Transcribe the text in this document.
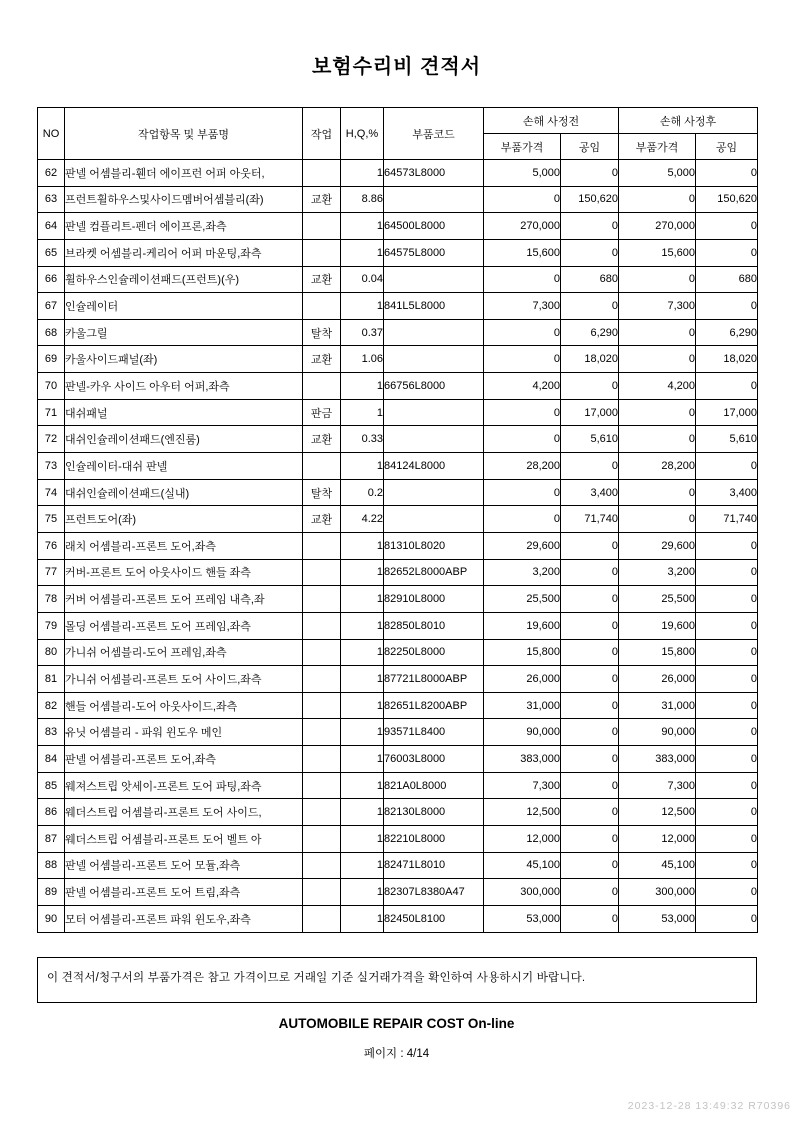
보험수리비 견적서
NO	작업항목 및 부품명	작업	H,Q,%	부품코드	손해 사정전		손해 사정후	
					부품가격	공임	부품가격	공임
62	판넬 어셈블리-휀더 에이프런 어퍼 아웃터,		1	64573L8000	5,000	0	5,000	0
63	프런트휠하우스및사이드멤버어셈블리(좌)	교환	8.86		0	150,620	0	150,620
64	판넬 컴플리트-펜더 에이프론,좌측		1	64500L8000	270,000	0	270,000	0
65	브라켓 어셈블리-케리어 어퍼 마운팅,좌측		1	64575L8000	15,600	0	15,600	0
66	휠하우스인슐레이션패드(프런트)(우)	교환	0.04		0	680	0	680
67	인슐레이터		1	841L5L8000	7,300	0	7,300	0
68	카울그릴	탈착	0.37		0	6,290	0	6,290
69	카울사이드패널(좌)	교환	1.06		0	18,020	0	18,020
70	판넬-카우 사이드 아우터 어퍼,좌측		1	66756L8000	4,200	0	4,200	0
71	대쉬패널	판금	1		0	17,000	0	17,000
72	대쉬인슐레이션패드(엔진룸)	교환	0.33		0	5,610	0	5,610
73	인슐레이터-대쉬 판넬		1	84124L8000	28,200	0	28,200	0
74	대쉬인슐레이션패드(실내)	탈착	0.2		0	3,400	0	3,400
75	프런트도어(좌)	교환	4.22		0	71,740	0	71,740
76	래치 어셈블리-프론트 도어,좌측		1	81310L8020	29,600	0	29,600	0
77	커버-프론트 도어 아웃사이드 핸들 좌측		1	82652L8000ABP	3,200	0	3,200	0
78	커버 어셈블리-프론트 도어 프레임 내측,좌		1	82910L8000	25,500	0	25,500	0
79	몰딩 어셈블리-프론트 도어 프레임,좌측		1	82850L8010	19,600	0	19,600	0
80	가니쉬 어셈블리-도어 프레임,좌측		1	82250L8000	15,800	0	15,800	0
81	가니쉬 어셈블리-프론트 도어 사이드,좌측		1	87721L8000ABP	26,000	0	26,000	0
82	핸들 어셈블리-도어 아웃사이드,좌측		1	82651L8200ABP	31,000	0	31,000	0
83	유닛 어셈블리 - 파워 윈도우 메인		1	93571L8400	90,000	0	90,000	0
84	판넬 어셈블리-프론트 도어,좌측		1	76003L8000	383,000	0	383,000	0
85	웨져스트립 앗세이-프론트 도어 파팅,좌측		1	821A0L8000	7,300	0	7,300	0
86	웨더스트립 어셈블리-프론트 도어 사이드,		1	82130L8000	12,500	0	12,500	0
87	웨더스트립 어셈블리-프론트 도어 벨트 아		1	82210L8000	12,000	0	12,000	0
88	판넬 어셈블리-프론트 도어 모듈,좌측		1	82471L8010	45,100	0	45,100	0
89	판넬 어셈블리-프론트 도어 트림,좌측		1	82307L8380A47	300,000	0	300,000	0
90	모터 어셈블리-프론트 파워 윈도우,좌측		1	82450L8100	53,000	0	53,000	0
이 견적서/청구서의 부품가격은 참고 가격이므로 거래일 기준 실거래가격을 확인하여 사용하시기 바랍니다.
AUTOMOBILE REPAIR COST On-line
페이지 : 4/14
2023-12-28 13:49:32 R70396
